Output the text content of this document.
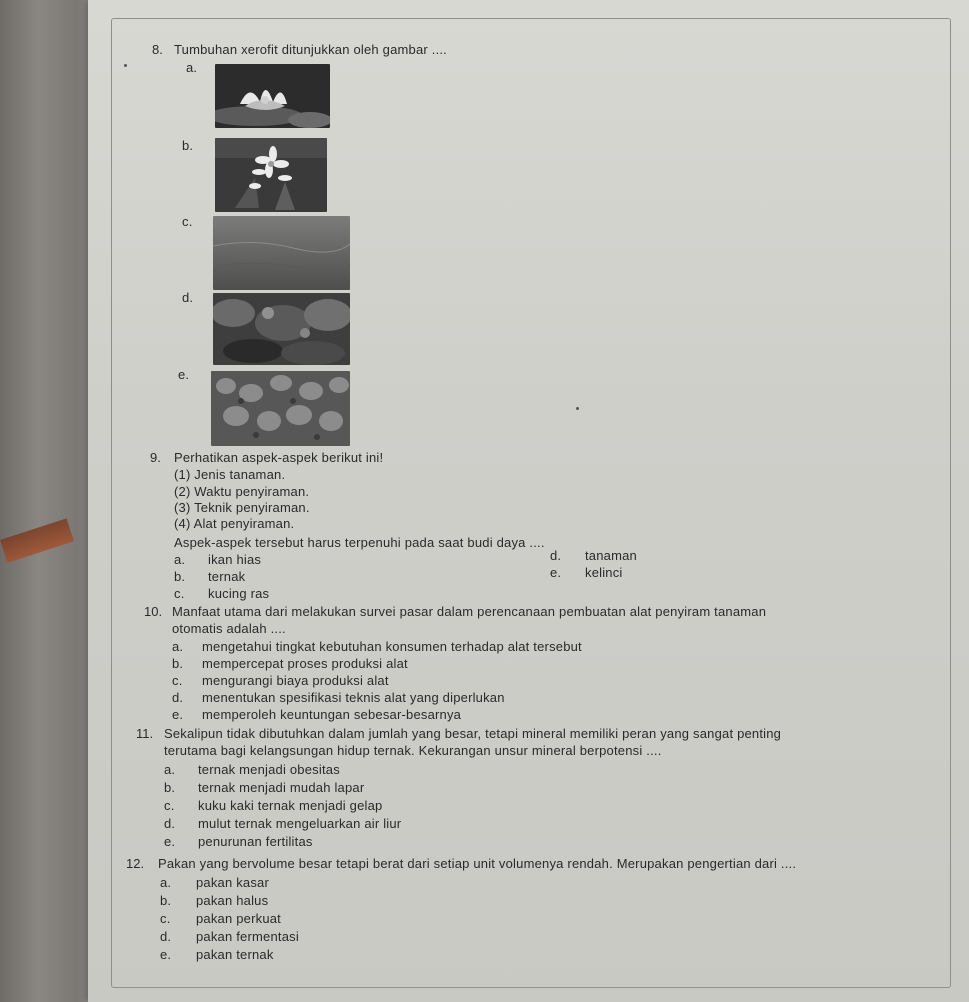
8. Tumbuhan xerofit ditunjukkan oleh gambar ....
a.
b.
c.
d.
e.
9. Perhatikan aspek-aspek berikut ini!
(1) Jenis tanaman.
(2) Waktu penyiraman.
(3) Teknik penyiraman.
(4) Alat penyiraman.
Aspek-aspek tersebut harus terpenuhi pada saat budi daya ....
a. ikan hias
b. ternak
c. kucing ras
d. tanaman
e. kelinci
10. Manfaat utama dari melakukan survei pasar dalam perencanaan pembuatan alat penyiram tanaman
otomatis adalah ....
a. mengetahui tingkat kebutuhan konsumen terhadap alat tersebut
b. mempercepat proses produksi alat
c. mengurangi biaya produksi alat
d. menentukan spesifikasi teknis alat yang diperlukan
e. memperoleh keuntungan sebesar-besarnya
11. Sekalipun tidak dibutuhkan dalam jumlah yang besar, tetapi mineral memiliki peran yang sangat penting
terutama bagi kelangsungan hidup ternak. Kekurangan unsur mineral berpotensi ....
a. ternak menjadi obesitas
b. ternak menjadi mudah lapar
c. kuku kaki ternak menjadi gelap
d. mulut ternak mengeluarkan air liur
e. penurunan fertilitas
12. Pakan yang bervolume besar tetapi berat dari setiap unit volumenya rendah. Merupakan pengertian dari ....
a. pakan kasar
b. pakan halus
c. pakan perkuat
d. pakan fermentasi
e. pakan ternak
